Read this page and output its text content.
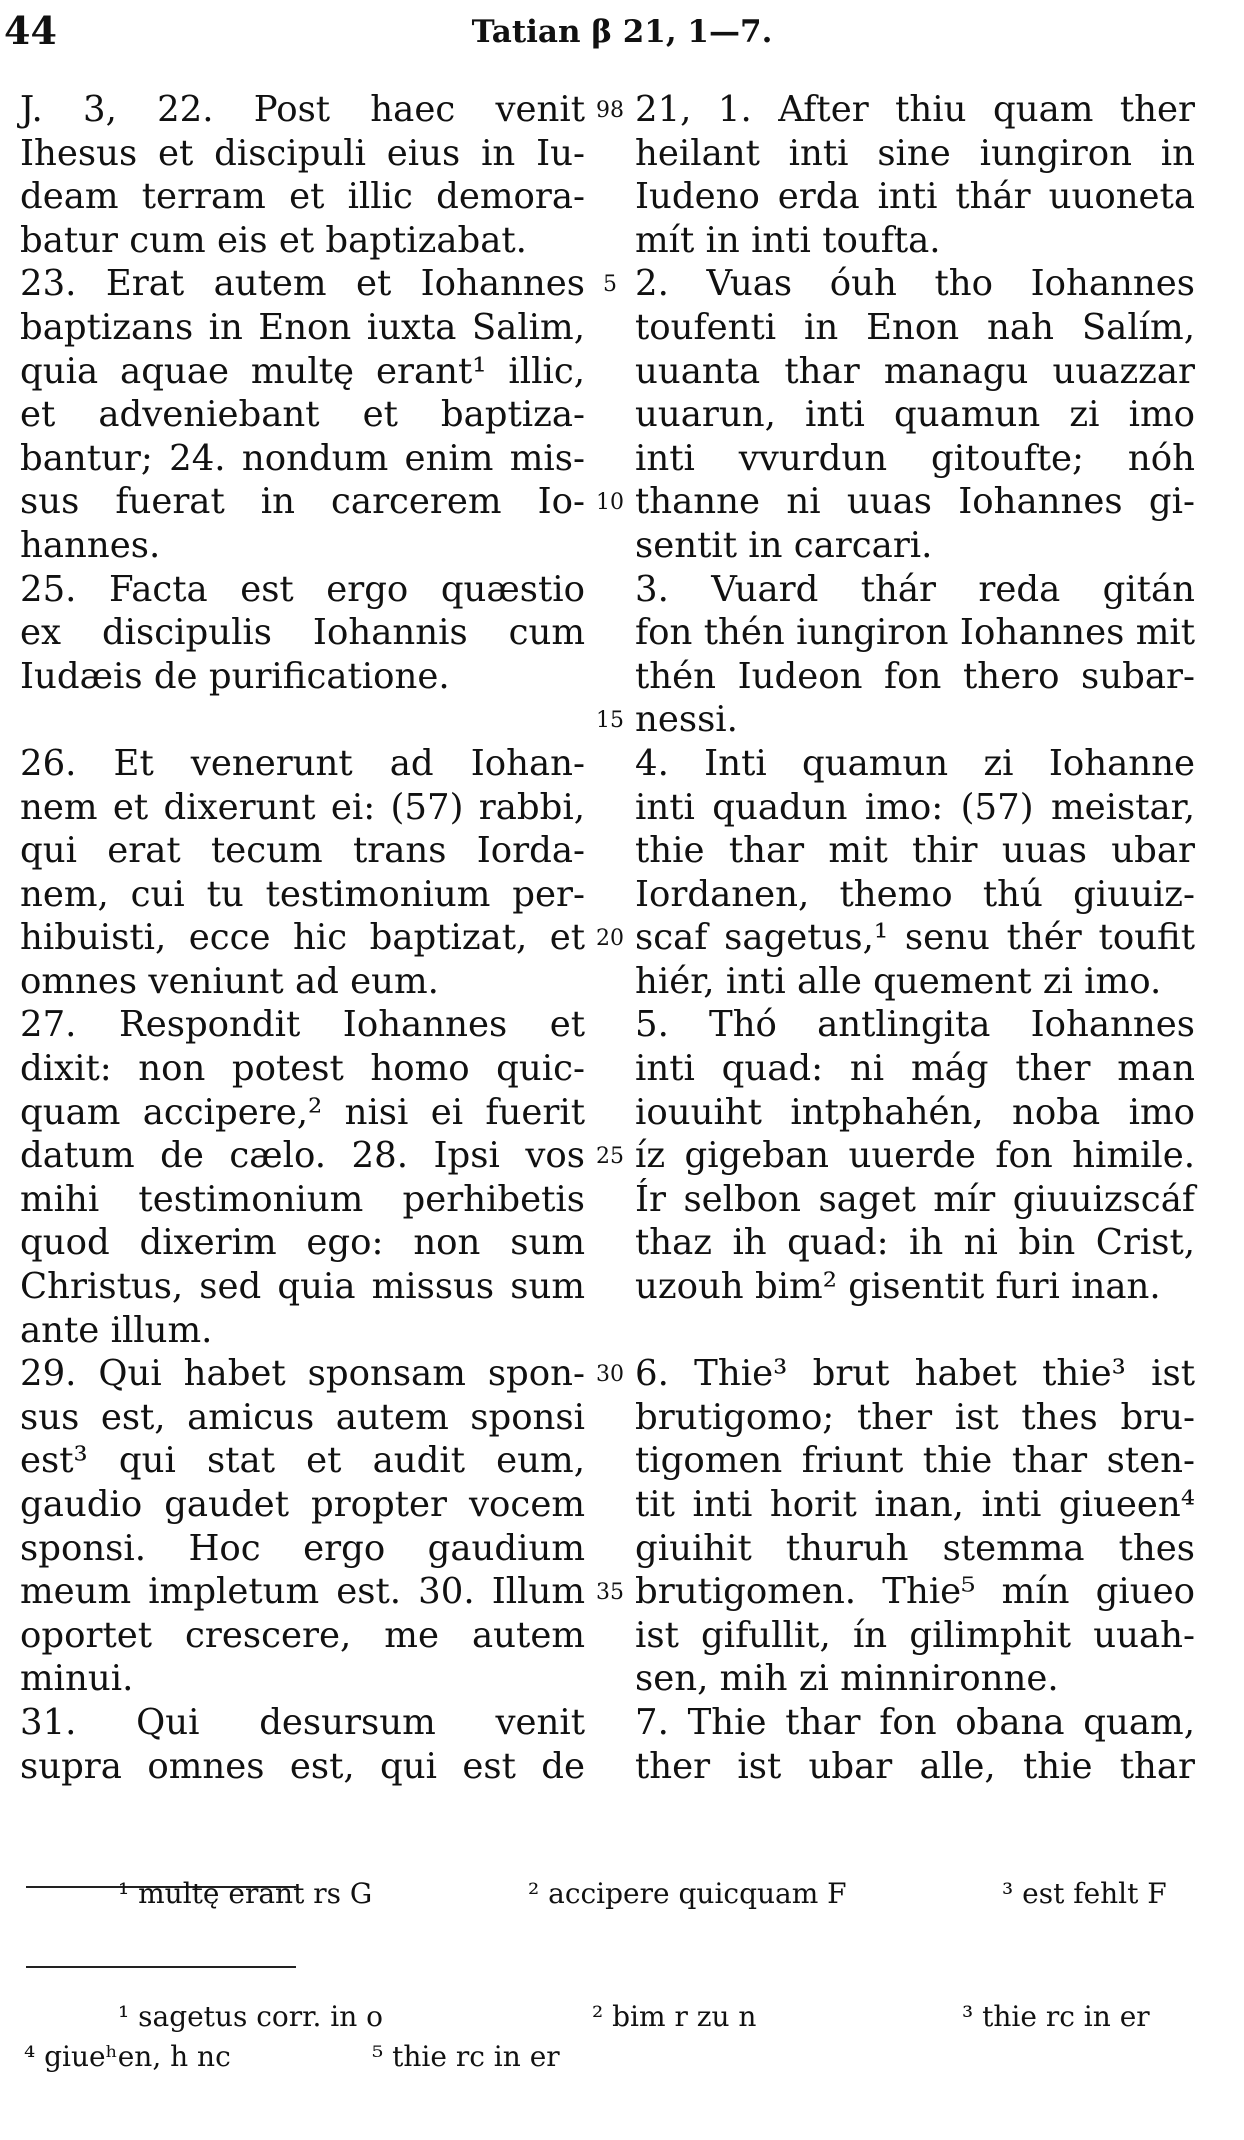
44	Tatian β 21, 1—7.
J. 3, 22. Post haec venit
Ihesus et discipuli eius in Iu-
deam terram et illic demora-
batur cum eis et baptizabat.
23. Erat autem et Iohannes
baptizans in Enon iuxta Salim,
quia aquae multę erant¹ illic,
et adveniebant et baptiza-
bantur; 24. nondum enim mis-
sus fuerat in carcerem Io-
hannes.
25. Facta est ergo quæstio
ex discipulis Iohannis cum
Iudæis de purificatione.
26. Et venerunt ad Iohan-
nem et dixerunt ei: (57) rabbi,
qui erat tecum trans Iorda-
nem, cui tu testimonium per-
hibuisti, ecce hic baptizat, et
omnes veniunt ad eum.
27. Respondit Iohannes et
dixit: non potest homo quic-
quam accipere,² nisi ei fuerit
datum de cælo. 28. Ipsi vos
mihi testimonium perhibetis
quod dixerim ego: non sum
Christus, sed quia missus sum
ante illum.
29. Qui habet sponsam spon-
sus est, amicus autem sponsi
est³ qui stat et audit eum,
gaudio gaudet propter vocem
sponsi. Hoc ergo gaudium
meum impletum est. 30. Illum
oportet crescere, me autem
minui.
31. Qui desursum venit
supra omnes est, qui est de
98
5
10
15
20
25
30
35
21, 1. After thiu quam ther
heilant inti sine iungiron in
Iudeno erda inti thár uuoneta
mít in inti toufta.
2. Vuas óuh tho Iohannes
toufenti in Enon nah Salím,
uuanta thar managu uuazzar
uuarun, inti quamun zi imo
inti vvurdun gitoufte; nóh
thanne ni uuas Iohannes gi-
sentit in carcari.
3. Vuard thár reda gitán
fon thén iungiron Iohannes mit
thén Iudeon fon thero subar-
nessi.
4. Inti quamun zi Iohanne
inti quadun imo: (57) meistar,
thie thar mit thir uuas ubar
Iordanen, themo thú giuuiz-
scaf sagetus,¹ senu thér toufit
hiér, inti alle quement zi imo.
5. Thó antlingita Iohannes
inti quad: ni mág ther man
iouuiht intphahén, noba imo
íz gigeban uuerde fon himile.
Ír selbon saget mír giuuizscáf
thaz ih quad: ih ni bin Crist,
uzouh bim² gisentit furi inan.
6. Thie³ brut habet thie³ ist
brutigomo; ther ist thes bru-
tigomen friunt thie thar sten-
tit inti horit inan, inti giueen⁴
giuihit thuruh stemma thes
brutigomen. Thie⁵ mín giueo
ist gifullit, ín gilimphit uuah-
sen, mih zi minnironne.
7. Thie thar fon obana quam,
ther ist ubar alle, thie thar
¹ multę erant rs G	² accipere quicquam F	³ est fehlt F
¹ sagetus corr. in o	² bim r zu n	³ thie rc in er
⁴ giueʰen, h nc	⁵ thie rc in er
